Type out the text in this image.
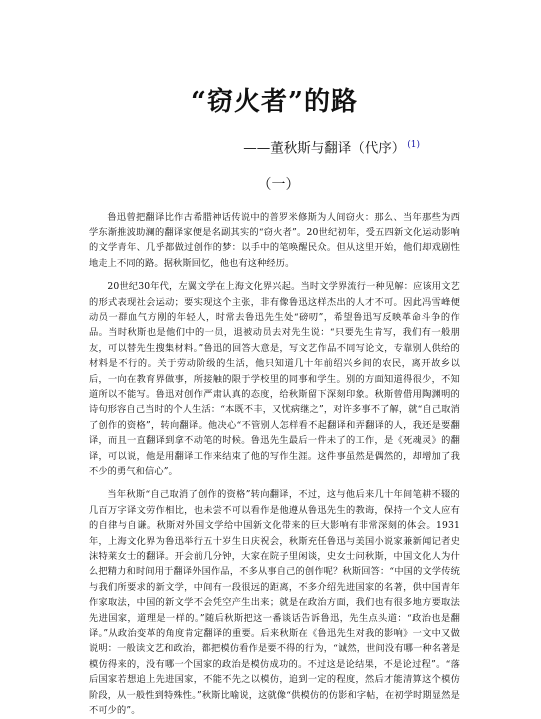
“窃火者”的路

——董秋斯与翻译（代序） $^{(1)}$

（一）

鲁迅曾把翻译比作古希腊神话传说中的普罗米修斯为人间窃火：那么、当年那些为西学东渐推波助澜的翻译家便是名副其实的“窃火者”。20世纪初年，受五四新文化运动影响的文学青年、几乎都做过创作的梦：以手中的笔唤醒民众。但从这里开始，他们却戏剧性地走上不同的路。据秋斯回忆，他也有这种经历。

20世纪30年代，左翼文学在上海文化界兴起。当时文学界流行一种见解：应该用文艺的形式表现社会运动；要实现这个主张，非有像鲁迅这样杰出的人才不可。因此冯雪峰便动员一群血气方刚的年轻人，时常去鲁迅先生处“磅叨”，希望鲁迅写反映革命斗争的作品。当时秋斯也是他们中的一员，退被动员去对先生说：“只要先生肯写，我们有一般朋友，可以替先生搜集材料。”鲁迅的回答大意是，写文艺作品不同写论文，专靠别人供给的材料是不行的。关于劳动阶级的生活，他只知道几十年前绍兴乡间的农民，离开故乡以后，一向在教育界做事，所接触的限于学校里的同事和学生。别的方面知道得很少，不知道所以不能写。鲁迅对创作严肃认真的态度，给秋斯留下深刻印象。秋斯曾借用陶渊明的诗句形容自己当时的个人生活：“本既不丰，又忧病继之”，对许多事不了解，就“自己取消了创作的资格”，转向翻译。他决心“不管别人怎样看不起翻译和弄翻译的人，我还是要翻译，而且一直翻译到拿不动笔的时候。鲁迅先生最后一件未了的工作，是《死魂灵》的翻译，可以说，他是用翻译工作来结束了他的写作生涯。这件事虽然是偶然的，却增加了我不少的勇气和信心”。

当年秋斯“自己取消了创作的资格”转向翻译，不过，这与他后来几十年间笔耕不辍的几百万字译文劳作相比，也未尝不可以看作是他遵从鲁迅先生的教诲，保持一个文人应有的自律与自谦。秋斯对外国文学给中国新文化带来的巨大影响有非常深刻的体会。1931年，上海文化界为鲁迅举行五十岁生日庆祝会，秋斯充任鲁迅与美国小说家兼新闻记者史沫特莱女士的翻译。开会前几分钟，大家在院子里闲谈，史女士问秋斯，中国文化人为什么把精力和时间用于翻译外国作品，不多从事自己的创作呢？秋斯回答：“中国的文学传统与我们所要求的新文学，中间有一段很远的距离，不多介绍先进国家的名著，供中国青年作家取法，中国的新文学不会凭空产生出来；就是在政治方面，我们也有很多地方要取法先进国家，道理是一样的。”随后秋斯把这一番谈话告诉鲁迅，先生点头道：“政治也是翻译。”从政治变革的角度肯定翻译的重要。后来秋斯在《鲁迅先生对我的影响》一文中又做说明：一般读文艺和政治，都把模仿看作是要不得的行为，“诚然，世间没有哪一种名著是模仿得来的，没有哪一个国家的政治是模仿成功的。不过这是论结果，不是论过程”。“落后国家若想追上先进国家，不能不先之以模仿，追到一定的程度，然后才能清算这个模仿阶段，从一般性到特殊性。”秋斯比喻说，这就像“供模仿的仿影和字帖，在初学时期显然是不可少的”。
